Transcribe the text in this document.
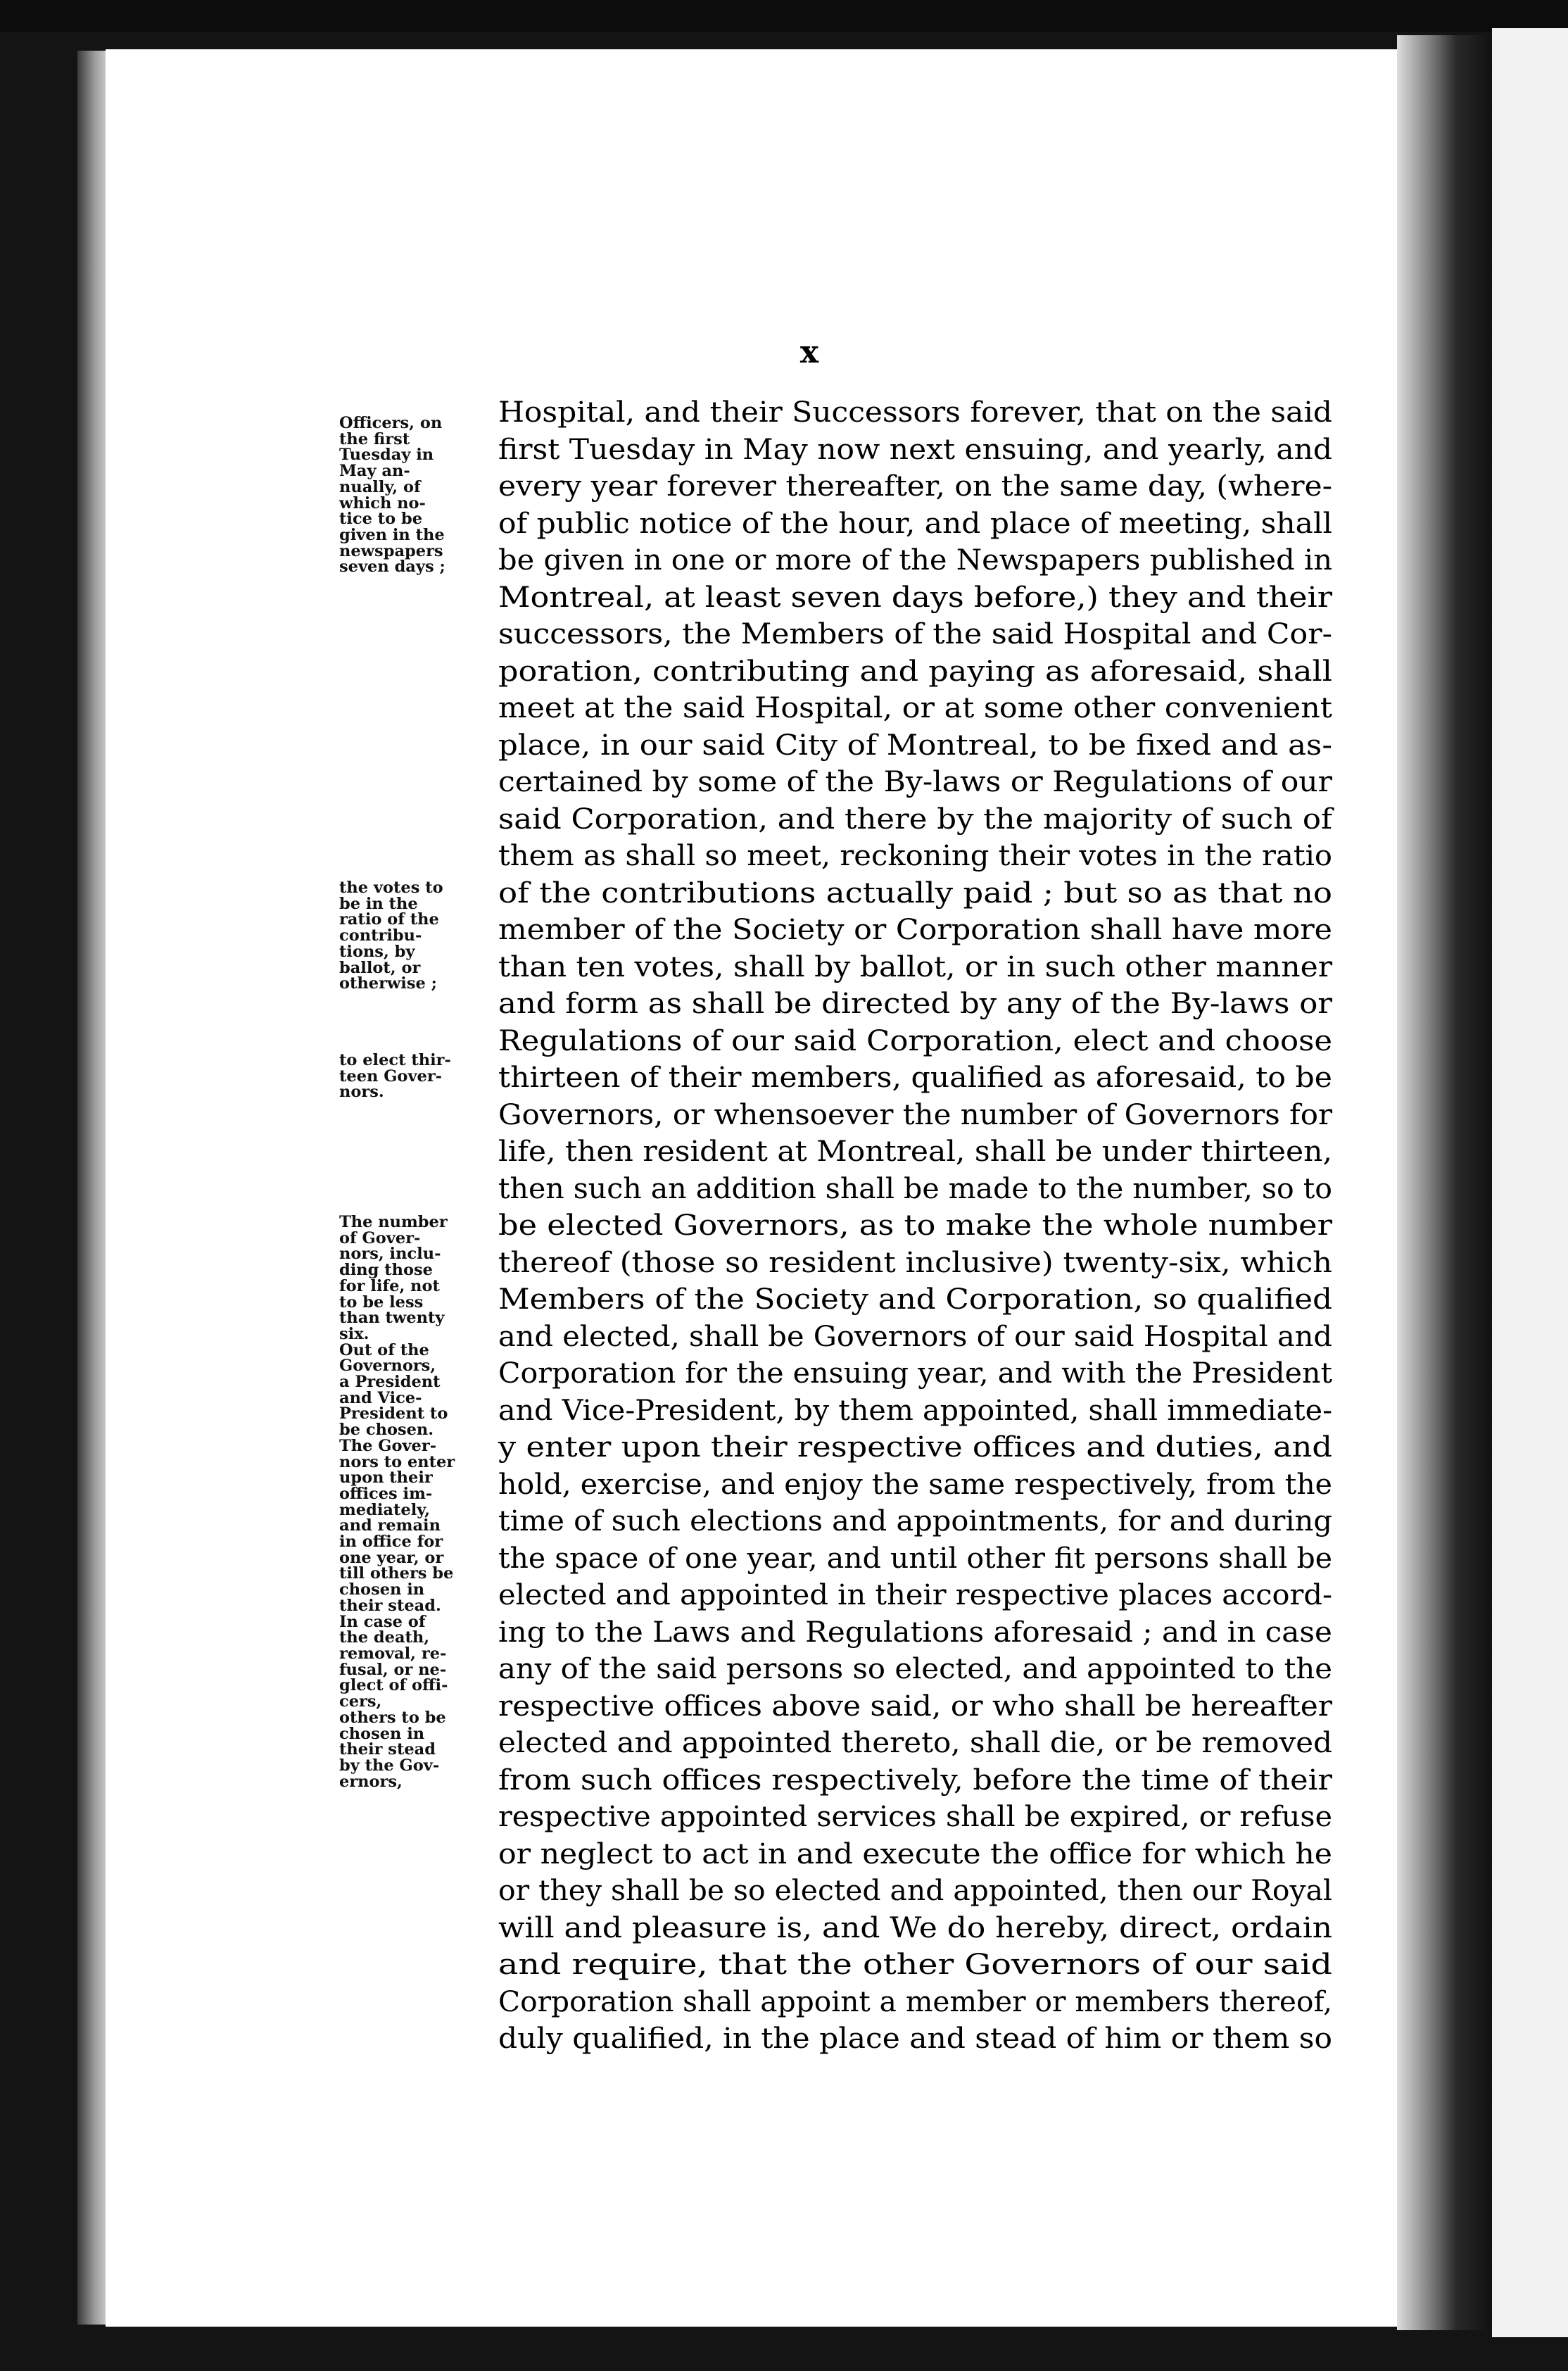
x
Officers, on
the first
Tuesday in
May an-
nually, of
which no-
tice to be
given in the
newspapers
seven days ;
the votes to
be in the
ratio of the
contribu-
tions, by
ballot, or
otherwise ;
to elect thir-
teen Gover-
nors.
The number
of Gover-
nors, inclu-
ding those
for life, not
to be less
than twenty
six.
Out of the
Governors,
a President
and Vice-
President to
be chosen.
The Gover-
nors to enter
upon their
offices im-
mediately,
and remain
in office for
one year, or
till others be
chosen in
their stead.
In case of
the death,
removal, re-
fusal, or ne-
glect of offi-
cers,
others to be
chosen in
their stead
by the Gov-
ernors,
Hospital, and their Successors forever, that on the said
first Tuesday in May now next ensuing, and yearly, and
every year forever thereafter, on the same day, (where-
of public notice of the hour, and place of meeting, shall
be given in one or more of the Newspapers published in
Montreal, at least seven days before,) they and their
successors, the Members of the said Hospital and Cor-
poration, contributing and paying as aforesaid, shall
meet at the said Hospital, or at some other convenient
place, in our said City of Montreal, to be fixed and as-
certained by some of the By-laws or Regulations of our
said Corporation, and there by the majority of such of
them as shall so meet, reckoning their votes in the ratio
of the contributions actually paid ; but so as that no
member of the Society or Corporation shall have more
than ten votes, shall by ballot, or in such other manner
and form as shall be directed by any of the By-laws or
Regulations of our said Corporation, elect and choose
thirteen of their members, qualified as aforesaid, to be
Governors, or whensoever the number of Governors for
life, then resident at Montreal, shall be under thirteen,
then such an addition shall be made to the number, so to
be elected Governors, as to make the whole number
thereof (those so resident inclusive) twenty-six, which
Members of the Society and Corporation, so qualified
and elected, shall be Governors of our said Hospital and
Corporation for the ensuing year, and with the President
and Vice-President, by them appointed, shall immediate-
y enter upon their respective offices and duties, and
hold, exercise, and enjoy the same respectively, from the
time of such elections and appointments, for and during
the space of one year, and until other fit persons shall be
elected and appointed in their respective places accord-
ing to the Laws and Regulations aforesaid ; and in case
any of the said persons so elected, and appointed to the
respective offices above said, or who shall be hereafter
elected and appointed thereto, shall die, or be removed
from such offices respectively, before the time of their
respective appointed services shall be expired, or refuse
or neglect to act in and execute the office for which he
or they shall be so elected and appointed, then our Royal
will and pleasure is, and We do hereby, direct, ordain
and require, that the other Governors of our said
Corporation shall appoint a member or members thereof,
duly qualified, in the place and stead of him or them so
